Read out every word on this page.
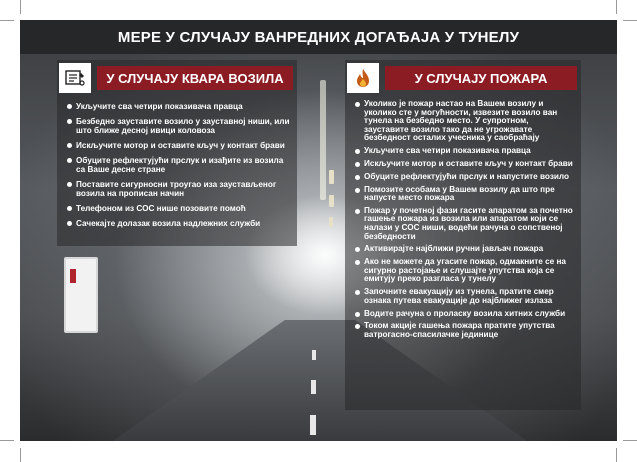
МЕРЕ У СЛУЧАЈУ ВАНРЕДНИХ ДОГАЂАЈА У ТУНЕЛУ
У СЛУЧАЈУ КВАРА ВОЗИЛА
Укључите сва четири показивача правца
Безбедно зауставите возило у заустaвној ниши, или што ближе десној ивици коловоза
Искључите мотор и оставите кључ у контакт брави
Обуците рефлектујући прслук и изађите из возила са Ваше десне стране
Поставите сигурносни троугао иза заустављеног возила на прописан начин
Телефоном из СОС нише позовите помоћ
Сачекајте долазак возила надлежних служби
У СЛУЧАЈУ ПОЖАРА
Уколико је пожар настао на Вашем возилу и уколико сте у могућности, извезите возило ван тунела на безбедно место. У супротном, зауставите возило тако да не угрожавате безбедност осталих учесника у саобраћају
Укључите сва четири показивача правца
Искључите мотор и оставите кључ у контакт брави
Обуците рефлектујући прслук и напустите возило
Помозите особама у Вашем возилу да што пре напусте место пожара
Пожар у почетној фази гасите апаратом за почетно гашење пожара из возила или апаратом који се налази у СОС ниши, водећи рачуна о сопственој безбедности
Активирајте најближи ручни јављач пожара
Ако не можете да угасите пожар, одмакните се на сигурно растојање и слушајте упутства која се емитују преко разгласа у тунелу
Започните евакуацију из тунела, пратите смер ознака путева евакуације до најближег излаза
Водите рачуна о проласку возила хитних служби
Током акције гашења пожара пратите упутства ватрогасно-спасилачке јединице
